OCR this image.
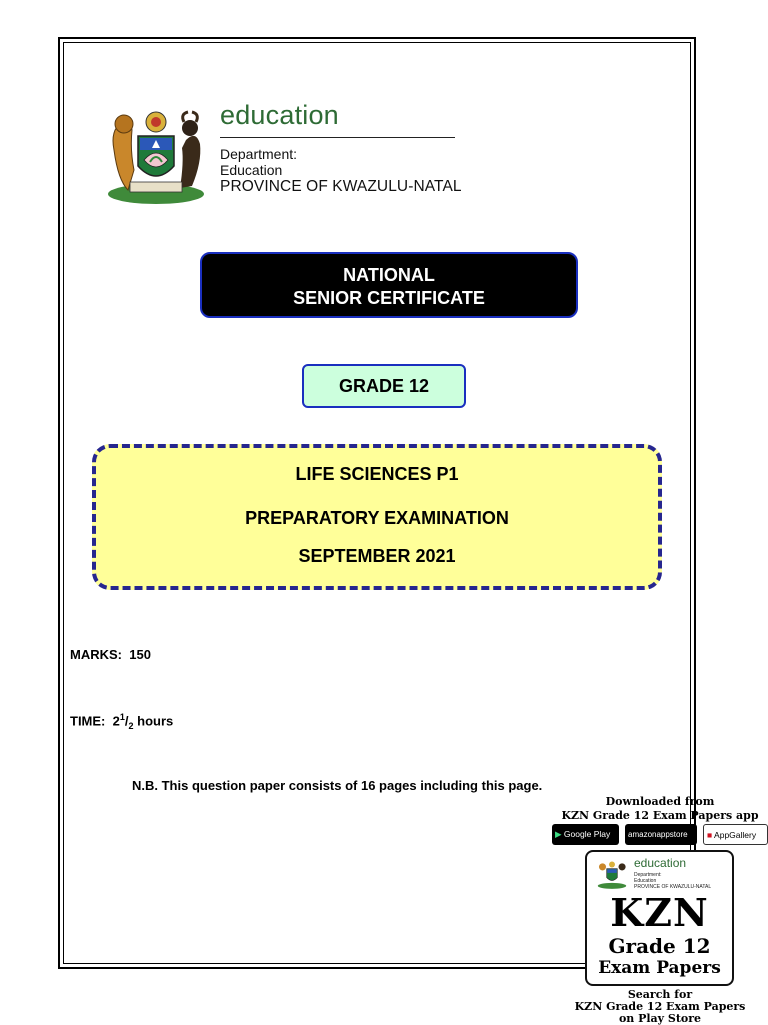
education
Department:
Education
PROVINCE OF KWAZULU-NATAL
NATIONAL
SENIOR CERTIFICATE
GRADE 12
LIFE SCIENCES P1
PREPARATORY EXAMINATION
SEPTEMBER 2021
MARKS: 150
TIME: $2^1/_2$ hours
N.B. This question paper consists of 16 pages including this page.
Downloaded from
KZN Grade 12 Exam Papers app
▶ Google Play	amazonappstore	■ AppGallery
education
Department:
Education
PROVINCE OF KWAZULU-NATAL
KZN
Grade 12
Exam Papers
Search for
KZN Grade 12 Exam Papers
on Play Store
